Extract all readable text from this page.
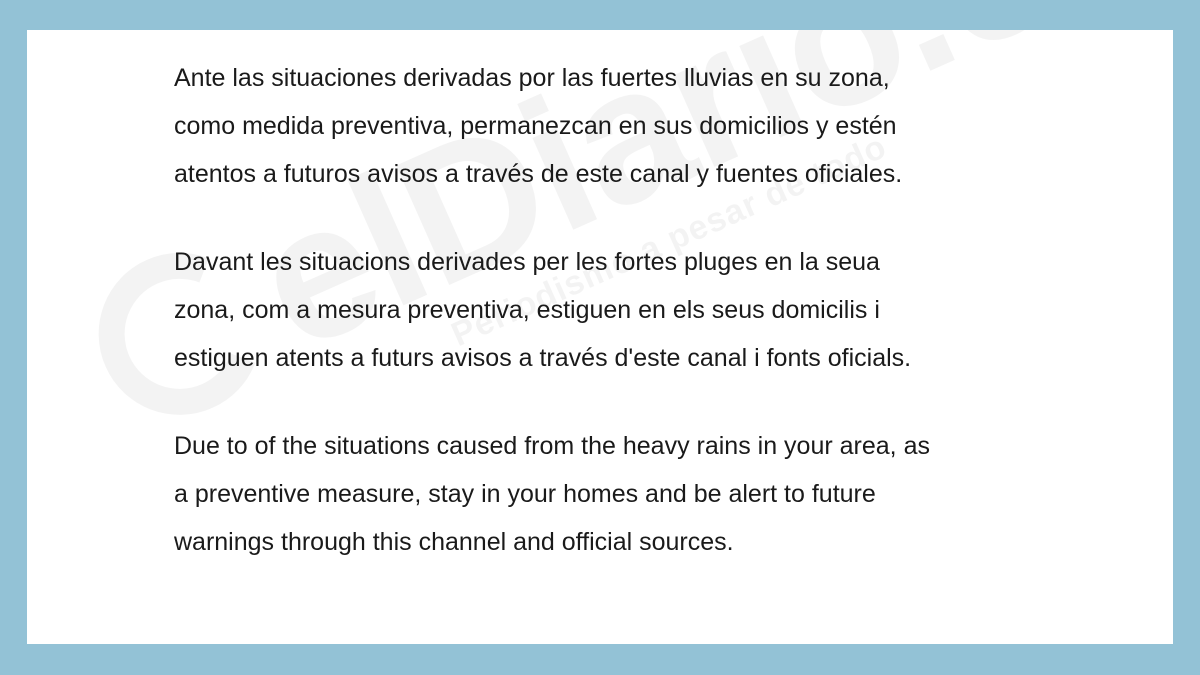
Ante las situaciones derivadas por las fuertes lluvias en su zona,
como medida preventiva, permanezcan en sus domicilios y estén
atentos a futuros avisos a través de este canal y fuentes oficiales.

Davant les situacions derivades per les fortes pluges en la seua
zona, com a mesura preventiva, estiguen en els seus domicilis i
estiguen atents a futurs avisos a través d'este canal i fonts oficials.

Due to of the situations caused from the heavy rains in your area, as
a preventive measure, stay in your homes and be alert to future
warnings through this channel and official sources.
